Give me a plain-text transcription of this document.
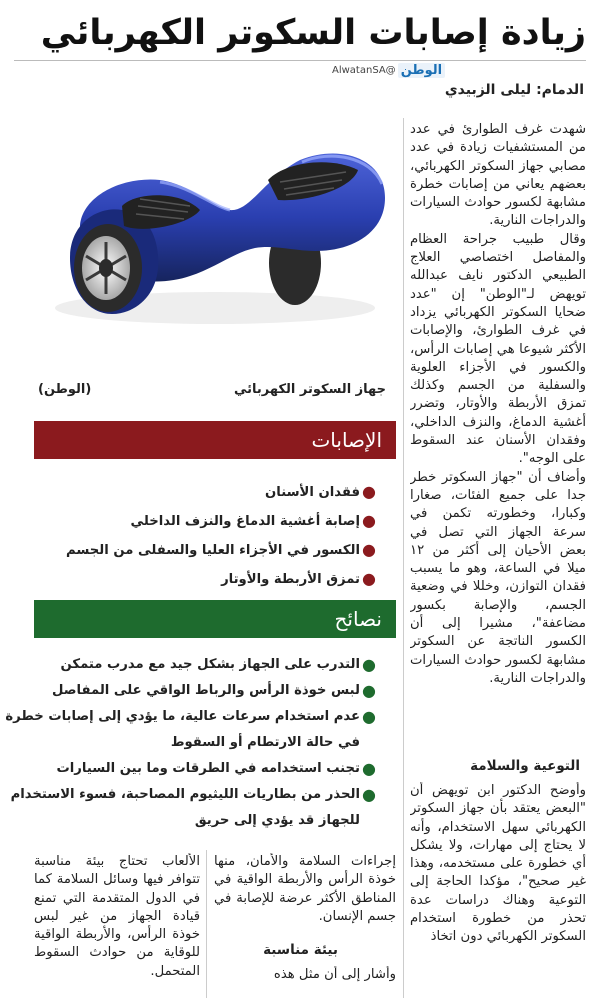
زيادة إصابات السكوتر الكهربائي
AlwatanSA@ الوطن
الدمام: ليلى الزبيدي
جهاز السكوتر الكهربائي
(الوطن)
الإصابات
●
فقدان الأسنان
●
إصابة أغشية الدماغ والنزف الداخلي
●
الكسور في الأجزاء العليا والسفلى من الجسم
●
تمزق الأربطة والأوتار
نصائح
●
التدرب على الجهاز بشكل جيد مع مدرب متمكن
●
لبس خوذة الرأس والرباط الواقي على المفاصل
●
عدم استخدام سرعات عالية، ما يؤدي إلى إصابات خطرة
في حالة الارتطام أو السقوط
●
تجنب استخدامه في الطرقات وما بين السيارات
●
الحذر من بطاريات الليثيوم المصاحبة، فسوء الاستخدام
للجهاز قد يؤدي إلى حريق

شهدت غرف الطوارئ في عدد من المستشفيات زيادة في عدد مصابي جهاز السكوتر الكهربائي، بعضهم يعاني من إصابات خطرة مشابهة لكسور حوادث السيارات والدراجات النارية.

وقال طبيب جراحة العظام والمفاصل اختصاصي العلاج الطبيعي الدكتور نايف عبدالله تويهض لـ"الوطن" إن "عدد ضحايا السكوتر الكهربائي يزداد في غرف الطوارئ، والإصابات الأكثر شيوعا هي إصابات الرأس، والكسور في الأجزاء العلوية والسفلية من الجسم وكذلك تمزق الأربطة والأوتار، وتضرر أغشية الدماغ، والنزف الداخلي، وفقدان الأسنان عند السقوط على الوجه".

وأضاف أن "جهاز السكوتر خطر جدا على جميع الفئات، صغارا وكبارا، وخطورته تكمن في سرعة الجهاز التي تصل في بعض الأحيان إلى أكثر من ١٢ ميلا في الساعة، وهو ما يسبب فقدان التوازن، وخللا في وضعية الجسم، والإصابة بكسور مضاعفة"، مشيرا إلى أن الكسور الناتجة عن السكوتر مشابهة لكسور حوادث السيارات والدراجات النارية.

التوعية والسلامة

وأوضح الدكتور ابن تويهض أن "البعض يعتقد بأن جهاز السكوتر الكهربائي سهل الاستخدام، وأنه لا يحتاج إلى مهارات، ولا يشكل أي خطورة على مستخدمه، وهذا غير صحيح"، مؤكدا الحاجة إلى التوعية وهناك دراسات عدة تحذر من خطورة استخدام السكوتر الكهربائي دون اتخاذ

إجراءات السلامة والأمان، منها خوذة الرأس والأربطة الواقية في المناطق الأكثر عرضة للإصابة في جسم الإنسان.

بيئة مناسبة

وأشار إلى أن مثل هذه

الألعاب تحتاج بيئة مناسبة تتوافر فيها وسائل السلامة كما في الدول المتقدمة التي تمنع قيادة الجهاز من غير لبس خوذة الرأس، والأربطة الواقية للوقاية من حوادث السقوط المتحمل.
